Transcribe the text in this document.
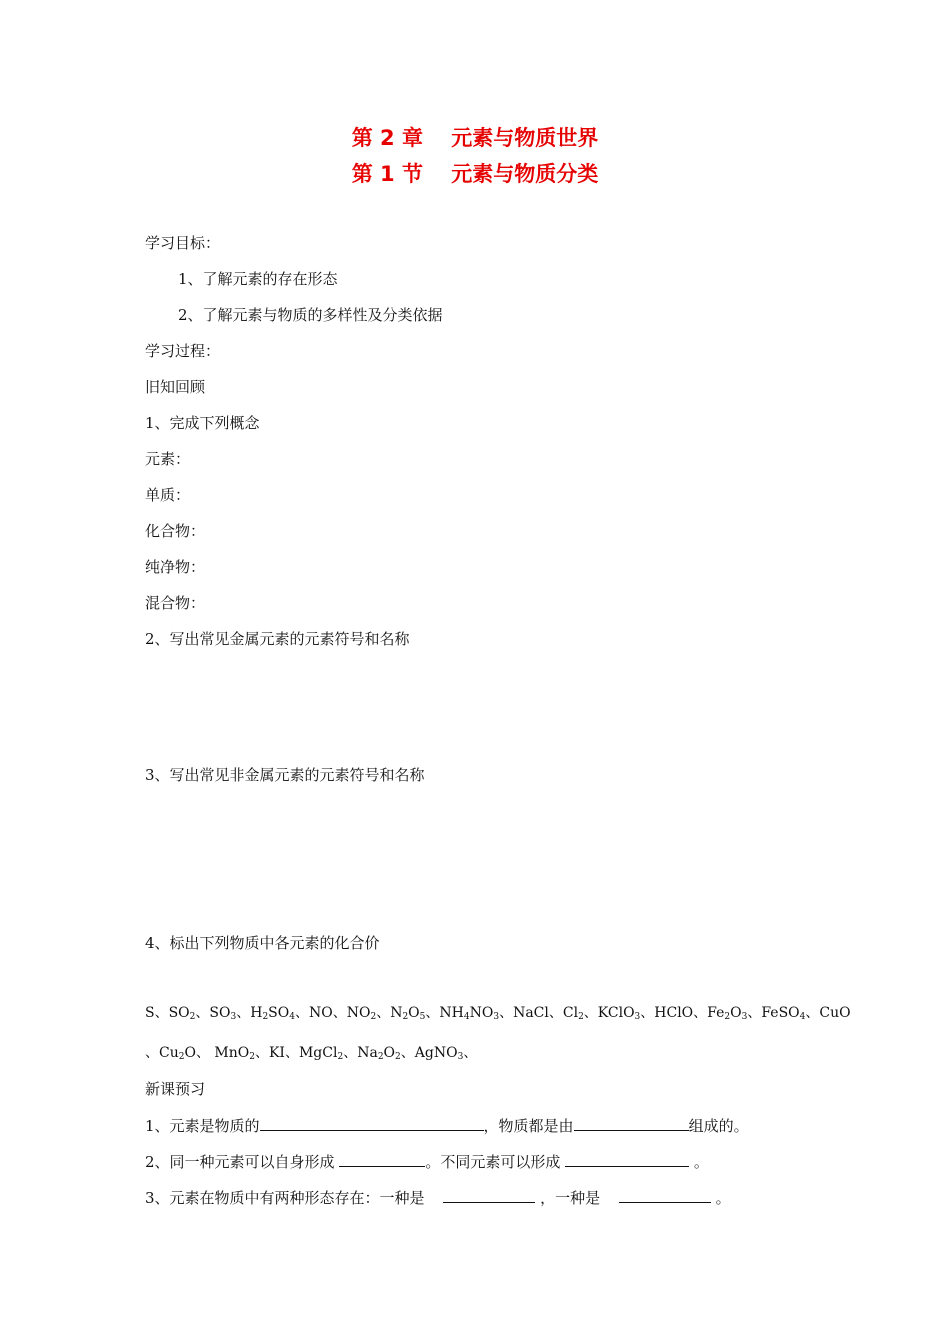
第 2 章　 元素与物质世界
第 1 节　 元素与物质分类
学习目标：
1、了解元素的存在形态
2、了解元素与物质的多样性及分类依据
学习过程：
旧知回顾
1、完成下列概念
元素：
单质：
化合物：
纯净物：
混合物：
2、写出常见金属元素的元素符号和名称
3、写出常见非金属元素的元素符号和名称
4、标出下列物质中各元素的化合价
S、$SO_2$、$SO_3$、$H_2SO_4$、NO、$NO_2$、$N_2O_5$、$NH_4NO_3$、NaCl、$Cl_2$、KClO$_3$、HClO、$Fe_2O_3$、FeSO$_4$、CuO
、$Cu_2O$、 MnO$_2$、KI、MgCl$_2$、$Na_2O_2$、AgNO$_3$、
新课预习
1、元素是物质的	，物质都是由	组成的。
2、同一种元素可以自身形成	。不同元素可以形成	。
3、元素在物质中有两种形态存在：一种是	，一种是	。
